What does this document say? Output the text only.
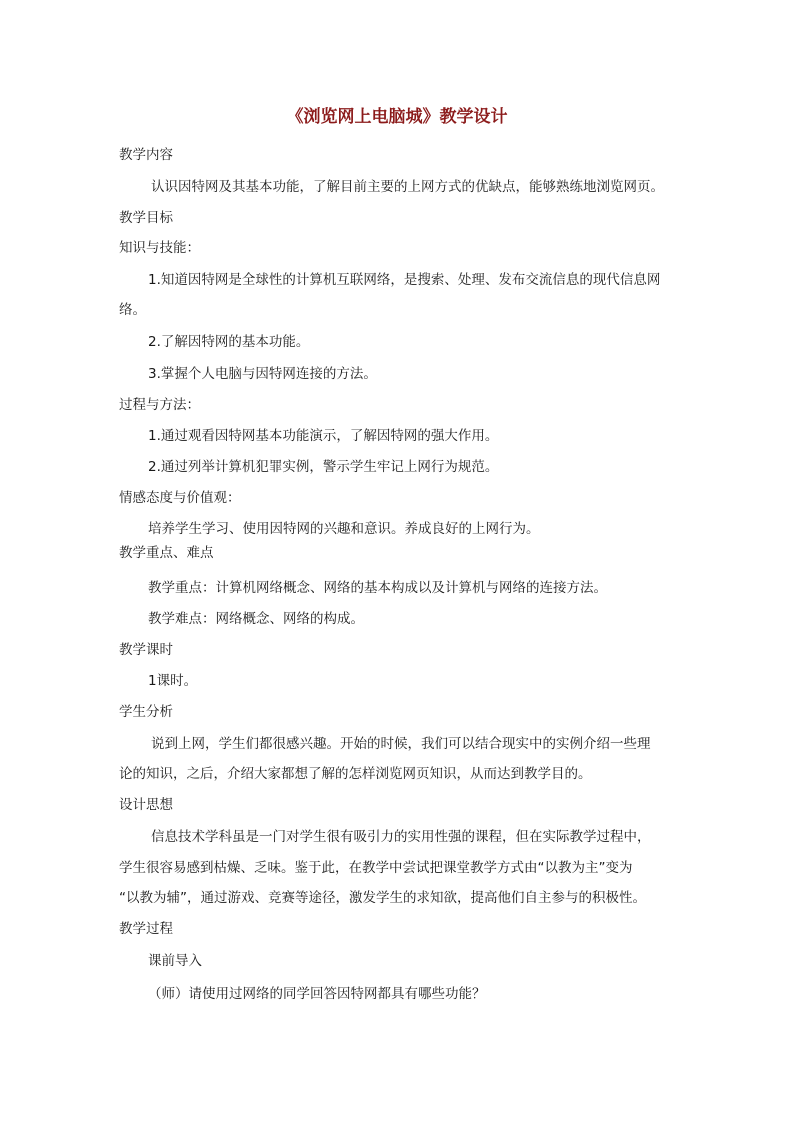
《浏览网上电脑城》教学设计
教学内容
认识因特网及其基本功能，了解目前主要的上网方式的优缺点，能够熟练地浏览网页。
教学目标
知识与技能：
1.知道因特网是全球性的计算机互联网络，是搜索、处理、发布交流信息的现代信息网
络。
2.了解因特网的基本功能。
3.掌握个人电脑与因特网连接的方法。
过程与方法：
1.通过观看因特网基本功能演示，了解因特网的强大作用。
2.通过列举计算机犯罪实例，警示学生牢记上网行为规范。
情感态度与价值观：
培养学生学习、使用因特网的兴趣和意识。养成良好的上网行为。
教学重点、难点
教学重点：计算机网络概念、网络的基本构成以及计算机与网络的连接方法。
教学难点：网络概念、网络的构成。
教学课时
1课时。
学生分析
说到上网，学生们都很感兴趣。开始的时候，我们可以结合现实中的实例介绍一些理
论的知识，之后，介绍大家都想了解的怎样浏览网页知识，从而达到教学目的。
设计思想
信息技术学科虽是一门对学生很有吸引力的实用性强的课程，但在实际教学过程中，
学生很容易感到枯燥、乏味。鉴于此，在教学中尝试把课堂教学方式由“以教为主”变为
“以教为辅”，通过游戏、竞赛等途径，激发学生的求知欲，提高他们自主参与的积极性。
教学过程
课前导入
（师）请使用过网络的同学回答因特网都具有哪些功能？
